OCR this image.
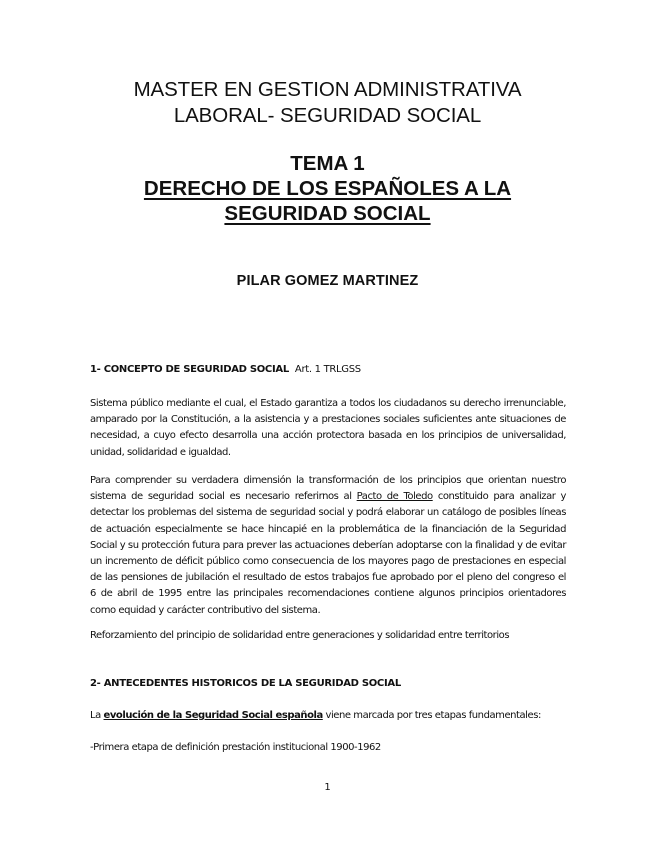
MASTER EN GESTION ADMINISTRATIVA
LABORAL- SEGURIDAD SOCIAL
TEMA 1
DERECHO DE LOS ESPAÑOLES A LA
SEGURIDAD SOCIAL
PILAR GOMEZ MARTINEZ
1- CONCEPTO DE SEGURIDAD SOCIAL Art. 1 TRLGSS

Sistema público mediante el cual, el Estado garantiza a todos los ciudadanos su derecho irrenunciable, amparado por la Constitución, a la asistencia y a prestaciones sociales suficientes ante situaciones de necesidad, a cuyo efecto desarrolla una acción protectora basada en los principios de universalidad, unidad, solidaridad e igualdad.

Para comprender su verdadera dimensión la transformación de los principios que orientan nuestro sistema de seguridad social es necesario referirnos al Pacto de Toledo constituido para analizar y detectar los problemas del sistema de seguridad social y podrá elaborar un catálogo de posibles líneas de actuación especialmente se hace hincapié en la problemática de la financiación de la Seguridad Social y su protección futura para prever las actuaciones deberían adoptarse con la finalidad y de evitar un incremento de déficit público como consecuencia de los mayores pago de prestaciones en especial de las pensiones de jubilación el resultado de estos trabajos fue aprobado por el pleno del congreso el 6 de abril de 1995 entre las principales recomendaciones contiene algunos principios orientadores como equidad y carácter contributivo del sistema.

Reforzamiento del principio de solidaridad entre generaciones y solidaridad entre territorios
2- ANTECEDENTES HISTORICOS DE LA SEGURIDAD SOCIAL
La evolución de la Seguridad Social española viene marcada por tres etapas fundamentales:
-Primera etapa de definición prestación institucional 1900-1962
1
